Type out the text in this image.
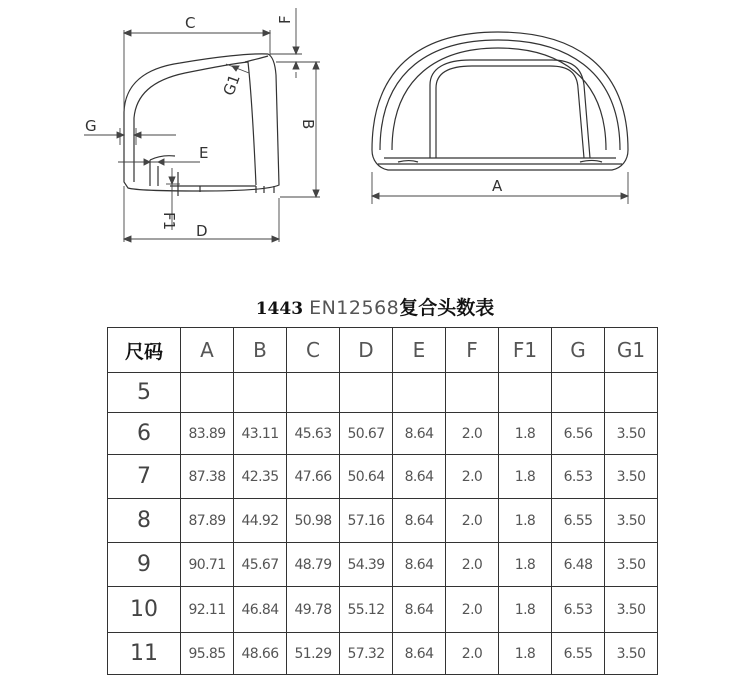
C	F
B
G
E
G1
F1
D
A
1443 EN12568复合头数表
尺码	A	B	C	D	E	F	F1	G	G1
5									
6	83.89	43.11	45.63	50.67	8.64	2.0	1.8	6.56	3.50
7	87.38	42.35	47.66	50.64	8.64	2.0	1.8	6.53	3.50
8	87.89	44.92	50.98	57.16	8.64	2.0	1.8	6.55	3.50
9	90.71	45.67	48.79	54.39	8.64	2.0	1.8	6.48	3.50
10	92.11	46.84	49.78	55.12	8.64	2.0	1.8	6.53	3.50
11	95.85	48.66	51.29	57.32	8.64	2.0	1.8	6.55	3.50
